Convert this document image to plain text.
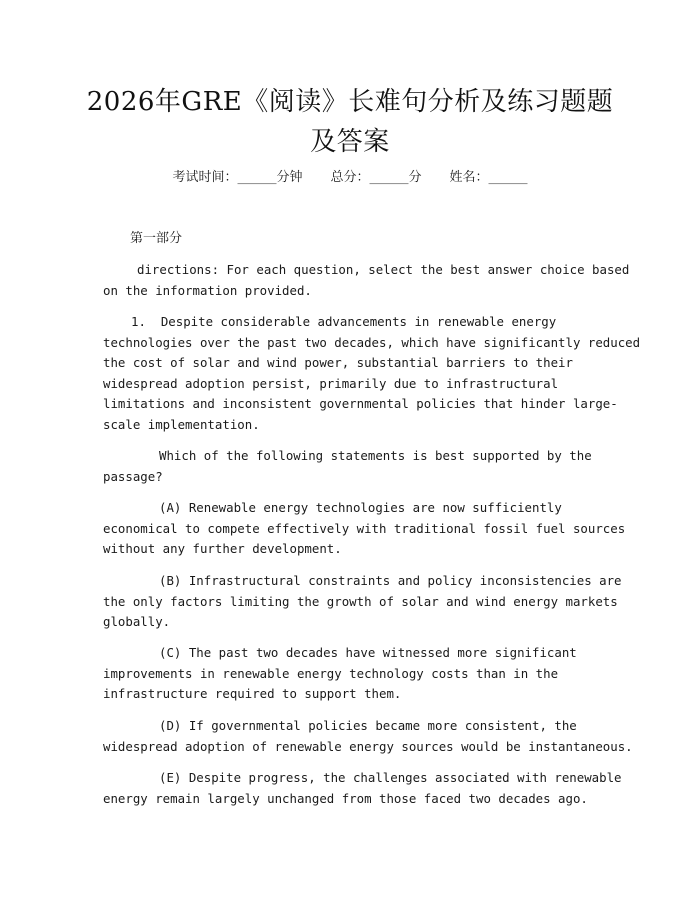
2026年GRE《阅读》长难句分析及练习题题
及答案
考试时间：______分钟 总分：______分 姓名：______
第一部分
directions: For each question, select the best answer choice based
on the information provided.
1.  Despite considerable advancements in renewable energy
technologies over the past two decades, which have significantly reduced
the cost of solar and wind power, substantial barriers to their
widespread adoption persist, primarily due to infrastructural
limitations and inconsistent governmental policies that hinder large-
scale implementation.
Which of the following statements is best supported by the
passage?
(A) Renewable energy technologies are now sufficiently
economical to compete effectively with traditional fossil fuel sources
without any further development.
(B) Infrastructural constraints and policy inconsistencies are
the only factors limiting the growth of solar and wind energy markets
globally.
(C) The past two decades have witnessed more significant
improvements in renewable energy technology costs than in the
infrastructure required to support them.
(D) If governmental policies became more consistent, the
widespread adoption of renewable energy sources would be instantaneous.
(E) Despite progress, the challenges associated with renewable
energy remain largely unchanged from those faced two decades ago.
